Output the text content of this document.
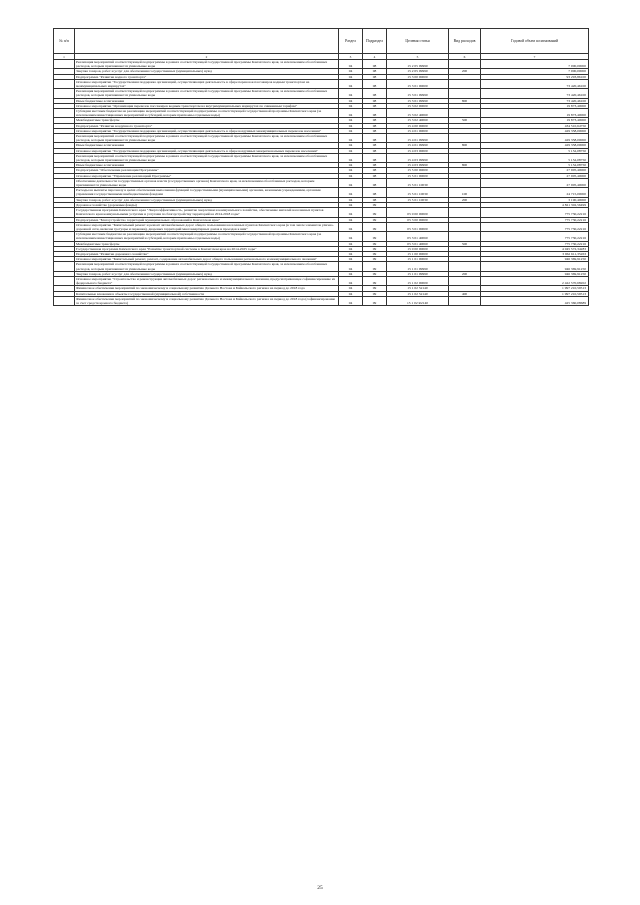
№ п/п		Раздел	Подраздел	Целевая статья	Вид расходов	Годовой объем ассигнований
1	2	3	4	5	6	7
	Реализация мероприятий соответствующей подпрограммы в рамках соответствующей государственной программы Камчатского края, за исключением обособленных расходов, которым присваиваются уникальные коды	04	08	15 2 05 09990		7 000,00000
	Закупка товаров, работ и услуг для обеспечения государственных (муниципальных) нужд	04	08	15 2 05 09990	200	7 000,00000
	Подпрограмма "Развитие водного транспорта"	04	08	15 3 00 00000		93 293,86100
	Основное мероприятие "Государственная поддержка организаций, осуществляющих деятельность в сфере перевозок пассажиров водным транспортом на межмуниципальных маршрутах"	04	08	15 3 01 00000		73 420,46100
	Реализация мероприятий соответствующей подпрограммы в рамках соответствующей государственной программы Камчатского края, за исключением обособленных расходов, которым присваиваются уникальные коды	04	08	15 3 01 09990		73 420,46100
	Иные бюджетные ассигнования	04	08	15 3 01 09990	800	73 420,46100
	Основное мероприятие "Организация перевозок пассажиров водным транспортом на внутримуниципальных маршрутах по сниженным тарифам"	04	08	15 3 02 00000		19 873,40000
	Субсидии местным бюджетам на реализацию мероприятий соответствующей подпрограммы соответствующей государственной программы Камчатского края (за исключением инвестиционных мероприятий и субсидий, которым присвоены отдельные коды)	04	08	15 3 02 40060		19 873,40000
	Межбюджетные трансферты	04	08	15 3 02 40060	500	19 873,40000
	Подпрограмма "Развитие воздушного транспорта"	04	08	15 4 00 00000		434 510,64750
	Основное мероприятие "Государственная поддержка организаций, осуществляющих деятельность в сфере воздушных межмуниципальных перевозок населения"	04	08	15 4 01 00000		429 358,00000
	Реализация мероприятий соответствующей подпрограммы в рамках соответствующей государственной программы Камчатского края, за исключением обособленных расходов, которым присваиваются уникальные коды	04	08	15 4 01 09990		429 358,00000
	Иные бюджетные ассигнования	04	08	15 4 01 09990	800	429 358,00000
	Основное мероприятие "Государственная поддержка организаций, осуществляющих деятельность в сфере воздушных межрегиональных перевозок населения"	04	08	15 4 03 00000		5 152,08750
	Реализация мероприятий соответствующей подпрограммы в рамках соответствующей государственной программы Камчатского края, за исключением обособленных расходов, которым присваиваются уникальные коды	04	08	15 4 03 09990		5 152,08750
	Иные бюджетные ассигнования	04	08	15 4 03 09990	800	5 152,08750
	Подпрограмма "Обеспечение реализации Программы"	04	08	15 5 00 00000		27 905,40000
	Основное мероприятие "Управление реализацией Программы"	04	08	15 5 01 00000		27 905,40000
	Обеспечение деятельности государственных органов власти (государственных органов) Камчатского края, за исключением обособленных расходов, которым присваиваются уникальные коды	04	08	15 5 01 10030		27 905,40000
	Расходы на выплаты персоналу в целях обеспечения выполнения функций государственными (муниципальными) органами, казенными учреждениями, органами управления государственными внебюджетными фондами	04	08	15 5 01 10030	100	24 715,00000
	Закупка товаров, работ и услуг для обеспечения государственных (муниципальных) нужд	04	08	15 5 01 10030	200	3 190,40000
	Дорожное хозяйство (дорожные фонды)	04	09			4 821 302,56499
	Государственная программа Камчатского края "Энергоэффективность, развитие энергетики и коммунального хозяйства, обеспечение жителей населенных пунктов Камчатского края коммунальными услугами и услугами по благоустройству территорий на 2014-2018 годы"	04	09	05 0 00 00000		775 730,22216
	Подпрограмма "Благоустройство территорий муниципальных образований в Камчатском крае"	04	09	05 3 00 00000		775 730,22216
	Основное мероприятие "Капитальный ремонт и ремонт автомобильных дорог общего пользования населенных пунктов Камчатского края (в том числе элементов улично-дорожной сети, включая тротуары и парковки), дворовых территорий многоквартирных домов и проездов к ним"	04	09	05 3 01 00000		775 730,22216
	Субсидии местным бюджетам на реализацию мероприятий соответствующей подпрограммы соответствующей государственной программы Камчатского края (за исключением инвестиционных мероприятий и субсидий, которым присвоены отдельные коды)	04	09	05 3 01 40060		775 730,22216
	Межбюджетные трансферты	04	09	05 3 01 40060	500	775 730,22216
	Государственная программа Камчатского края "Развитие транспортной системы в Камчатском крае на 2014-2025 годы"	04	09	15 0 00 00000		4 045 572,34283
	Подпрограмма "Развитие дорожного хозяйства"	04	09	15 1 00 00000		3 962 611,35263
	Основное мероприятие "Капитальный ремонт, ремонт, содержание автомобильных дорог общего пользования регионального и межмуниципального значения"	04	09	15 1 01 00000		946 369,91250
	Реализация мероприятий соответствующей подпрограммы в рамках соответствующей государственной программы Камчатского края, за исключением обособленных расходов, которым присваиваются уникальные коды	04	09	15 1 01 09990		946 369,91250
	Закупка товаров, работ и услуг для обеспечения государственных (муниципальных) нужд	04	09	15 1 01 09990	200	946 369,91250
	Основное мероприятие "Строительство и реконструкция автомобильных дорог регионального и межмуниципального значения, предусматривающее софинансирование из федерального бюджета"	04	09	15 1 02 00000		2 422 570,68202
	Финансовое обеспечение мероприятий по экономическому и социальному развитию Дальнего Востока и Байкальского региона на период до 2018 года	04	09	15 1 02 52140		1 997 210,59513
	Капитальные вложения в объекты государственной (муниципальной) собственности	04	09	15 1 02 52140	400	1 997 210,59513
	Финансовое обеспечение мероприятий по экономическому и социальному развитию Дальнего Востока и Байкальского региона на период до 2018 года (софинансирование за счет средств краевого бюджета)	04	09	15 1 02 R2140		425 360,08689
25
